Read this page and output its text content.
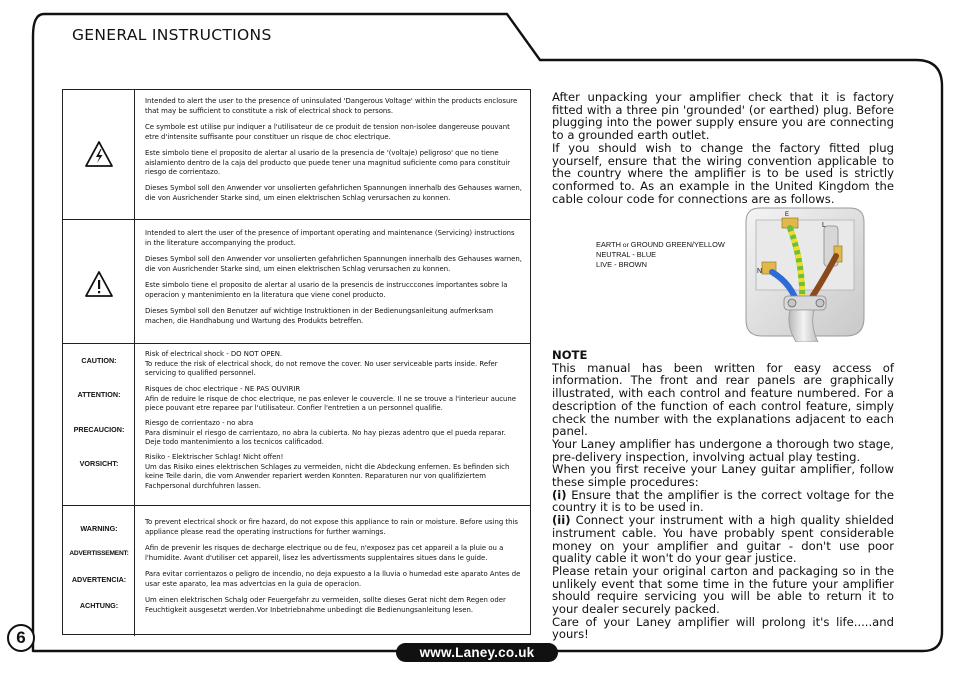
GENERAL INSTRUCTIONS
Intended to alert the user to the presence of uninsulated 'Dangerous Voltage' within the products enclosure that may be sufficient to constitute a risk of electrical shock to persons.
Ce symbole est utilise pur indiquer a l'utilisateur de ce produit de tension non-isolee dangereuse pouvant etre d'intensite suffisante pour constituer un risque de choc electrique.
Este simbolo tiene el proposito de alertar al usario de la presencia de '(voltaje) peligroso' que no tiene aislamiento dentro de la caja del producto que puede tener una magnitud suficiente como para constituir riesgo de corrientazo.
Dieses Symbol soll den Anwender vor unsolierten gefahrlichen Spannungen innerhalb des Gehauses warnen, die von Ausrichender Starke sind, um einen elektrischen Schlag verursachen zu konnen.
Intended to alert the user of the presence of important operating and maintenance (Servicing) instructions in the literature accompanying the product.
Dieses Symbol soll den Anwender vor unsolierten gefahrlichen Spannungen innerhalb des Gehauses warnen, die von Ausrichender Starke sind, um einen elektrischen Schlag verursachen zu konnen.
Este simbolo tiene el proposito de alertar al usario de la presencis de instrucccones importantes sobre la operacion y mantenimiento en la literatura que viene conel producto.
Dieses Symbol soll den Benutzer auf wichtige Instruktionen in der Bedienungsanleitung aufmerksam machen, die Handhabung und Wartung des Produkts betreffen.
CAUTION:
ATTENTION:
PRECAUCION:
VORSICHT:
Risk of electrical shock - DO NOT OPEN.
To reduce the risk of electrical shock, do not remove the cover. No user serviceable parts inside. Refer servicing to qualified personnel.
Risques de choc electrique - NE PAS OUVIRIR
Afin de reduire le risque de choc electrique, ne pas enlever le couvercle. Il ne se trouve a l'interieur aucune piece pouvant etre reparee par l'utilisateur. Confier l'entretien a un personnel qualifie.
Riesgo de corrientazo - no abra
Para disminuir el riesgo de carrientazo, no abra la cubierta. No hay piezas adentro que el pueda reparar. Deje todo mantenimiento a los tecnicos calificadod.
Risiko - Elektrischer Schlag! Nicht offen!
Um das Risiko eines elektrischen Schlages zu vermeiden, nicht die Abdeckung enfernen. Es befinden sich keine Teile darin, die vom Anwender repariert werden Konnten. Reparaturen nur von qualifiziertem Fachpersonal durchfuhren lassen.
WARNING:
ADVERTISSEMENT:
ADVERTENCIA:
ACHTUNG:
To prevent electrical shock or fire hazard, do not expose this appliance to rain or moisture. Before using this appliance please read the operating instructions for further warnings.
Afin de prevenir les risques de decharge electrique ou de feu, n'exposez pas cet appareil a la pluie ou a l'humidite. Avant d'utiliser cet appareil, lisez les advertissments supplentaires situes dans le guide.
Para evitar corrientazos o peligro de incendio, no deja expuesto a la lluvia o humedad este aparato Antes de usar este aparato, lea mas advertcias en la guia de operacion.
Um einen elektrischen Schalg oder Feuergefahr zu vermeiden, sollte dieses Gerat nicht dem Regen oder Feuchtigkeit ausgesetzt werden.Vor Inbetriebnahme unbedingt die Bedienungsanleitung lesen.

After unpacking your amplifier check that it is factory fitted with a three pin 'grounded' (or earthed) plug. Before plugging into the power supply ensure you are connecting to a grounded earth outlet.

If you should wish to change the factory fitted plug yourself, ensure that the wiring convention applicable to the country where the amplifier is to be used is strictly conformed to. As an example in the United Kingdom the cable colour code for connections are as follows.

EARTH or GROUND GREEN/YELLOW
NEUTRAL - BLUE
LIVE - BROWN
L
N
E
NOTE

This manual has been written for easy access of information. The front and rear panels are graphically illustrated, with each control and feature numbered. For a description of the function of each control feature, simply check the number with the explanations adjacent to each panel.

Your Laney amplifier has undergone a thorough two stage, pre-delivery inspection, involving actual play testing.

When you first receive your Laney guitar amplifier, follow these simple procedures:

(i) Ensure that the amplifier is the correct voltage for the country it is to be used in.

(ii) Connect your instrument with a high quality shielded instrument cable. You have probably spent considerable money on your amplifier and guitar - don't use poor quality cable it won't do your gear justice.

Please retain your original carton and packaging so in the unlikely event that some time in the future your amplifier should require servicing you will be able to return it to your dealer securely packed.

Care of your Laney amplifier will prolong it's life.....and yours!

6
www.Laney.co.uk
